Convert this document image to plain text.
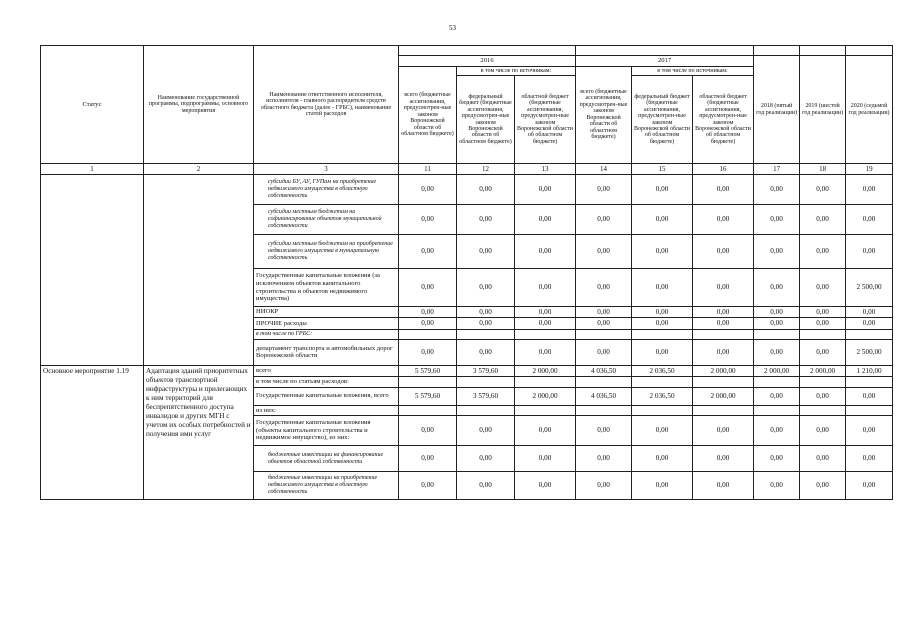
53
Статус	Наименование государственной программы, подпрограммы, основного мероприятия	Наименование ответственного исполнителя, исполнителя - главного распорядителя средств областного бюджета (далее - ГРБС), наименование статей расходов									
			2016			2017			2018 (пятый год реализации)	2019 (шестой год реализации)	2020 (седьмой год реализации)
			всего (бюджетные ассигнования, предусмотрен-ные законом Воронежской области об областном бюджете)	в том числе по источникам:		всего (бюджетные ассигнования, предусмотрен-ные законом Воронежской области об областном бюджете)	в том числе по источникам:				
				федеральный бюджет (бюджетные ассигнования, предусмотрен-ные законом Воронежской области об областном бюджете)	областной бюджет (бюджетные ассигнования, предусмотрен-ные законом Воронежской области об областном бюджете)		федеральный бюджет (бюджетные ассигнования, предусмотрен-ные законом Воронежской области об областном бюджете)	областной бюджет (бюджетные ассигнования, предусмотрен-ные законом Воронежской области об областном бюджете)			
1	2	3	11	12	13	14	15	16	17	18	19
		субсидии БУ, АУ, ГУПам на приобретение недвижимого имущества в областную собственность	0,00	0,00	0,00	0,00	0,00	0,00	0,00	0,00	0,00
		субсидии местным бюджетам на софинансирование объектов муниципальной собственности	0,00	0,00	0,00	0,00	0,00	0,00	0,00	0,00	0,00
		субсидии местным бюджетам на приобретение недвижимого имущества в муниципальную собственность	0,00	0,00	0,00	0,00	0,00	0,00	0,00	0,00	0,00
		Государственные капитальные вложения (за исключением объектов капитального строительства и объектов недвижимого имущества)	0,00	0,00	0,00	0,00	0,00	0,00	0,00	0,00	2 500,00
		НИОКР	0,00	0,00	0,00	0,00	0,00	0,00	0,00	0,00	0,00
		ПРОЧИЕ расходы	0,00	0,00	0,00	0,00	0,00	0,00	0,00	0,00	0,00
		в том числе по ГРБС:									
		департамент транспорта и автомобильных дорог Воронежской области	0,00	0,00	0,00	0,00	0,00	0,00	0,00	0,00	2 500,00
Основное мероприятие 1.19	Адаптация зданий приоритетных объектов транспортной инфраструктуры и прилегающих к ним территорий для беспрепятственного доступа инвалидов и других МГН с учетом их особых потребностей и получения ими услуг	всего	5 579,60	3 579,60	2 000,00	4 036,50	2 036,50	2 000,00	2 000,00	2 000,00	1 210,00
		в том числе по статьям расходов:									
		Государственные капитальные вложения, всего	5 579,60	3 579,60	2 000,00	4 036,50	2 036,50	2 000,00	0,00	0,00	0,00
		из них:									
		Государственные капитальные вложения (объекты капитального строительства и недвижимое имущество), из них:	0,00	0,00	0,00	0,00	0,00	0,00	0,00	0,00	0,00
		бюджетные инвестиции на финансирование объектов областной собственности	0,00	0,00	0,00	0,00	0,00	0,00	0,00	0,00	0,00
		бюджетные инвестиции на приобретение недвижимого имущества в областную собственность	0,00	0,00	0,00	0,00	0,00	0,00	0,00	0,00	0,00
